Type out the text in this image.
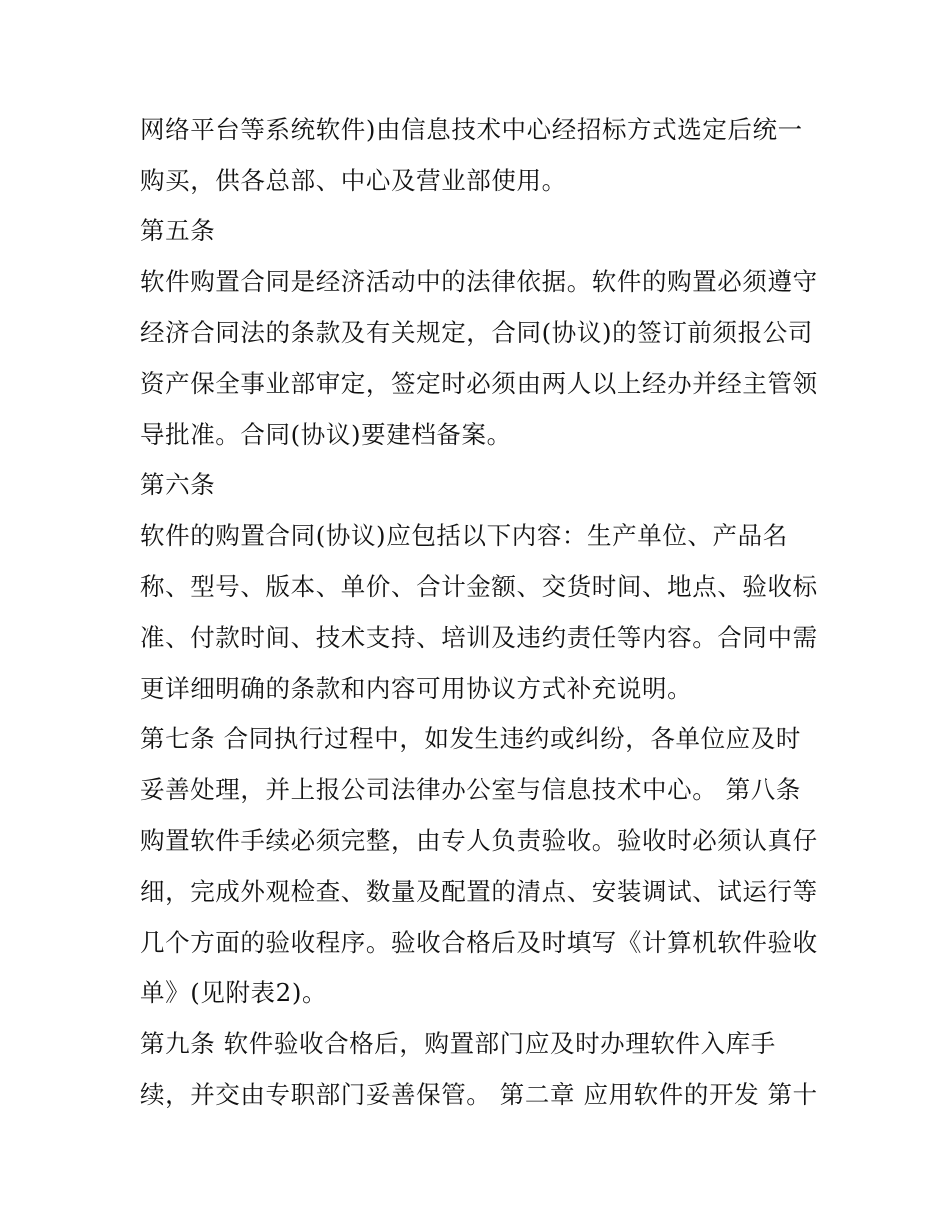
网络平台等系统软件)由信息技术中心经招标方式选定后统一
购买，供各总部、中心及营业部使用。
第五条
软件购置合同是经济活动中的法律依据。软件的购置必须遵守
经济合同法的条款及有关规定，合同(协议)的签订前须报公司
资产保全事业部审定，签定时必须由两人以上经办并经主管领
导批准。合同(协议)要建档备案。
第六条
软件的购置合同(协议)应包括以下内容：生产单位、产品名
称、型号、版本、单价、合计金额、交货时间、地点、验收标
准、付款时间、技术支持、培训及违约责任等内容。合同中需
更详细明确的条款和内容可用协议方式补充说明。
第七条 合同执行过程中，如发生违约或纠纷，各单位应及时
妥善处理，并上报公司法律办公室与信息技术中心。 第八条
购置软件手续必须完整，由专人负责验收。验收时必须认真仔
细，完成外观检查、数量及配置的清点、安装调试、试运行等
几个方面的验收程序。验收合格后及时填写《计算机软件验收
单》(见附表2)。
第九条 软件验收合格后，购置部门应及时办理软件入库手
续，并交由专职部门妥善保管。 第二章 应用软件的开发 第十
